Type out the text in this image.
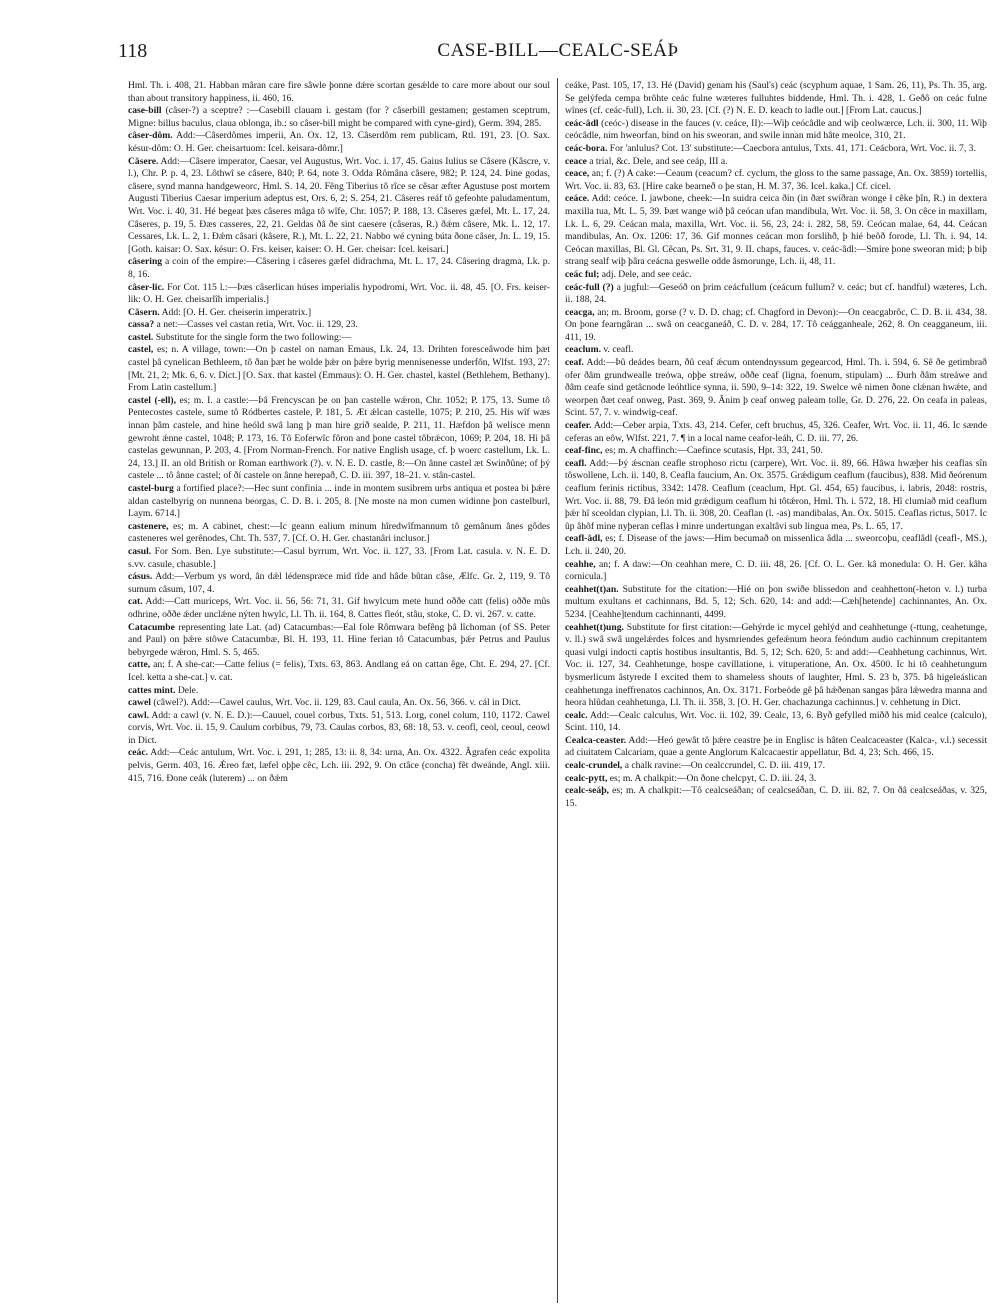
118	CASE-BILL—CEALC-SEÁÞ

Hml. Th. i. 408, 21. Habban mâran care fire sâwle þonne dǽre scortan gesǽlde to care more about our soul than about transitory happiness, ii. 460, 16.

case-bill (câser-?) a sceptre? :—Casebill clauam i. gestam (for ? câserbill gestamen; gestamen sceptrum, Migne: billus baculus, claua oblonga, ib.: so câser-bill might be compared with cyne-gird), Germ. 394, 285.

câser-dôm. Add:—Câserdômes imperii, An. Ox. 12, 13. Câserdôm rem publicam, Rtl. 191, 23. [O. Sax. késur-dôm: O. H. Ger. cheisartuom: Icel. keisara-dômr.]

Câsere. Add:—Câsere imperator, Caesar, vel Augustus, Wrt. Voc. i. 17, 45. Gaius Iulius se Câsere (Kâscre, v. l.), Chr. P. p. 4, 23. Lôthwî se câsere, 840; P. 64, note 3. Odda Rômâna câsere, 982; P. 124, 24. Þine godas, câsere, synd manna handgeweorc, Hml. S. 14, 20. Fêng Tiberius tô rîce se cêsar æfter Agustuse post mortem Augusti Tiberius Caesar imperium adeptus est, Ors. 6, 2; S. 254, 21. Câseres reáf tô gefeohte paludamentum, Wrt. Voc. i. 40, 31. Hé begeat þæs câseres mâga tô wîfe, Chr. 1057; P. 188, 13. Câseres gæfel, Mt. L. 17, 24. Câseres, p. 19, 5. Ðæs casseres, 22, 21. Geldas ðâ ðe sint caesere (câseras, R.) ðǽm câsere, Mk. L. 12, 17. Cessares, Lk. L. 2, 1. Ðǽm câsari (kâsere, R.), Mt. L. 22, 21. Nabbo wé cyning búta ðone câser, Jn. L. 19, 15. [Goth. kaisar: O. Sax. késur: O. Frs. keiser, kaiser: O. H. Ger. cheisar: Icel. keisari.]

câsering a coin of the empire:—Câsering i câseres gæfel didrachma, Mt. L. 17, 24. Câsering dragma, Lk. p. 8, 16.

câser-lic. For Cot. 115 l.:—Þæs câserlican húses imperialis hypodromi, Wrt. Voc. ii. 48, 45. [O. Frs. keiser-lik: O. H. Ger. cheisarlîh imperialis.]

Câsern. Add: [O. H. Ger. cheiserin imperatrix.]

cassa? a net:—Casses vel castan retia, Wrt. Voc. ii. 129, 23.

castel. Substitute for the single form the two following:—

castel, es; n. A village, town:—On þ castel on naman Emaus, Lk. 24, 13. Drihten foresceâwode him þæt castel þâ cynelican Bethleem, tô ðan þæt he wolde þǽr on þǽre byrig mennisenesse underfôn, Wlfst. 193, 27: [Mt. 21, 2; Mk. 6, 6. v. Dict.] [O. Sax. that kastel (Emmaus): O. H. Ger. chastel, kastel (Bethlehem, Bethany). From Latin castellum.]

castel (-ell), es; m. I. a castle:—Þâ Frencyscan þe on þan castelle wǽron, Chr. 1052; P. 175, 13. Sume tô Pentecostes castele, sume tô Ródbertes castele, P. 181, 5. Æt ǽlcan castelle, 1075; P. 210, 25. His wîf wæs innan þâm castele, and hine heóld swâ lang þ man hire grið sealde, P. 211, 11. Hæfdon þâ welisce menn gewroht ǽnne castel, 1048; P. 173, 16. Tô Eoferwîc fôron and þone castel tôbrǽcon, 1069; P. 204, 18. Hi þâ castelas gewunnan, P. 203, 4. [From Norman-French. For native English usage, cf. þ woerc castellum, Lk. L. 24, 13.] II. an old British or Roman earthwork (?). v. N. E. D. castle, 8:—On ânne castel æt Swinðûne; of þý castele ... tô ânne castel; of ðí castele on ânne herepað, C. D. iii. 397, 18–21. v. stân-castel.

castel-burg a fortified place?:—Hec sunt confinia ... inde in montem susibrem urbs antiqua et postea bi þǽre aldan castelbyrig on nunnena beorgas, C. D. B. i. 205, 8. [Ne moste na mon cumen widinne þon castelburl, Laym. 6714.]

castenere, es; m. A cabinet, chest:—Ic geann ealium minum hîredwîfmannum tô gemânum ânes gôdes casteneres wel gerênodes, Cht. Th. 537, 7. [Cf. O. H. Ger. chastanâri inclusor.]

casul. For Som. Ben. Lye substitute:—Casul byrrum, Wrt. Voc. ii. 127, 33. [From Lat. casula. v. N. E. D. s.vv. casule, chasuble.]

cásus. Add:—Verbum ys word, ân dǽl lédenspræce mid tîde and hâde bûtan câse, Ælfc. Gr. 2, 119, 9. Tô sumum câsum, 107, 4.

cat. Add:—Catt muriceps, Wrt. Voc. ii. 56, 56: 71, 31. Gif hwylcum mete hund oððe catt (felis) oððe mûs odhrine, oððe ǽder unclǽne nýten hwylc, Ll. Th. ii. 164, 8. Cattes fleót, stâu, stoke, C. D. vi. 267. v. catte.

Catacumbe representing late Lat. (ad) Catacumbas:—Eal fole Rômwara befêng þâ lîchoman (of SS. Peter and Paul) on þǽre stôwe Catacumbæ, Bl. H. 193, 11. Hine ferian tô Catacumbas, þǽr Petrus and Paulus bebyrgede wǽron, Hml. S. 5, 465.

catte, an; f. A she-cat:—Catte felius (= felis), Txts. 63, 863. Andlang eá on cattan êge, Cht. E. 294, 27. [Cf. Icel. ketta a she-cat.] v. cat.

cattes mint. Dele.

cawel (câwel?). Add:—Cawel caulus, Wrt. Voc. ii. 129, 83. Caul caula, An. Ox. 56, 366. v. cál in Dict.

cawl. Add: a cawl (v. N. E. D.):—Cauuel, couel corbus, Txts. 51, 513. Lorg, conel colum, 110, 1172. Cawel corvis, Wrt. Voc. ii. 15, 9. Caulum corbibus, 79, 73. Caulas corbos, 83, 68: 18, 53. v. ceofl, ceol, ceoul, ceowl in Dict.

ceác. Add:—Ceác antulum, Wrt. Voc. i. 291, 1; 285, 13: ii. 8, 34: urna, An. Ox. 4322. Âgrafen ceác expolita pelvis, Germ. 403, 16. Ǽreo fæt, læfel oþþe cêc, Lch. iii. 292, 9. On ctâce (concha) fêt dweánde, Angl. xiii. 415, 716. Ðone ceák (luterem) ... on ðǽm

ceáke, Past. 105, 17, 13. Hé (David) genam his (Saul's) ceác (scyphum aquae, 1 Sam. 26, 11), Ps. Th. 35, arg. Se gelýfeda cempa brôhte ceác fulne wæteres fulluhtes biddende, Hml. Th. i. 428, 1. Geðô on ceác fulne wînes (cf. ceác-full), Lch. ii. 30, 23. [Cf. (?) N. E. D. keach to ladle out.] [From Lat. caucus.]

ceác-âdl (ceóc-) disease in the fauces (v. ceáce, II):—Wiþ ceócâdle and wiþ ceolwærce, Lch. ii. 300, 11. Wiþ ceócâdle, nim hweorfan, bind on his sweoran, and swile innan mid hâte meolce, 310, 21.

ceác-bora. For 'anlulus? Cot. 13' substitute:—Caecbora antulus, Txts. 41, 171. Ceácbora, Wrt. Voc. ii. 7, 3.

ceace a trial, &c. Dele, and see ceáp, III a.

ceace, an; f. (?) A cake:—Ceaum (ceacum? cf. cyclum, the gloss to the same passage, An. Ox. 3859) tortellis, Wrt. Voc. ii. 83, 63. [Hire cake bearneð o þe stan, H. M. 37, 36. Icel. kaka.] Cf. cicel.

ceáce. Add: ceóce. I. jawbone, cheek:—In suidra ceica ðín (in ðæt swíðran wonge ł cêke þîn, R.) in dextera maxilla tua, Mt. L. 5, 39. Þæt wange wið þâ ceócan ufan mandibula, Wrt. Voc. ii. 58, 3. On cêce in maxillam, Lk. L. 6, 29. Ceácan mala, maxilla, Wrt. Voc. ii. 56, 23, 24: i. 282, 58, 59. Ceócan malae, 64, 44. Ceácan mandibulas, An. Ox. 1206: 17, 36. Gif monnes ceácan mon forslihð, þ hié beôð forode, Ll. Th. i. 94, 14. Ceócan maxillas, Bl. Gl. Cêcan, Ps. Srt. 31, 9. II. chaps, fauces. v. ceác-âdl:—Smire þone sweoran mid; þ biþ strang sealf wiþ þâra ceácna geswelle odde âsmorunge, Lch. ii, 48, 11.

ceác ful; adj. Dele, and see ceác.

ceác-full (?) a jugful:—Geseóð on þrim ceácfullum (ceácum fullum? v. ceác; but cf. handful) wæteres, Lch. ii. 188, 24.

ceacga, an; m. Broom, gorse (? v. D. D. chag; cf. Chagford in Devon):—On ceacgabrôc, C. D. B. ii. 434, 38. On þone fearngâran ... swâ on ceacganeáð, C. D. v. 284, 17. Tô ceágganheale, 262, 8. On ceagganeum, iii. 411, 19.

ceaclum. v. ceafl.

ceaf. Add:—Þû deádes bearn, ðû ceaf ǽcum ontendnyssum gegearcod, Hml. Th. i. 594, 6. Sê ðe getimbrað ofer ðâm grundwealle treówa, oþþe streáw, oððe ceaf (ligna, foenum, stipulam) ... Ðurh ðâm streáwe and ðâm ceafe sind getâcnode leóhtlice synna, ii. 590, 9–14: 322, 19. Swelce wê nimen ðone clǽnan hwǽte, and weorpen ðæt ceaf onweg, Past. 369, 9. Ânim þ ceaf onweg paleam tolle, Gr. D. 276, 22. On ceafa in paleas, Scint. 57, 7. v. windwig-ceaf.

ceafer. Add:—Ceber arpia, Txts. 43, 214. Cefer, ceft bruchus, 45, 326. Ceafer, Wrt. Voc. ii. 11, 46. Ic sænde ceferas an eôw, Wlfst. 221, 7. ¶ in a local name ceafor-leáh, C. D. iii. 77, 26.

ceaf-finc, es; m. A chaffinch:—Caefince scutasis, Hpt. 33, 241, 50.

ceafl. Add:—Þý ǽscnan ceafle strophoso rictu (carpere), Wrt. Voc. ii. 89, 66. Hâwa hwæþer his ceaflas sîn tôswollene, Lch. ii. 140, 8. Ceafla faucium, An. Ox. 3575. Grǽdigum ceaflum (faucibus), 838. Mid ðeórenum ceaflum ferinis rictibus, 3342: 1478. Ceaflum (ceaclum, Hpt. Gl. 454, 65) faucibus, i. labris, 2048: rostris, Wrt. Voc. ii. 88, 79. Ðâ león mid grǽdigum ceaflum hi tôtǽron, Hml. Th. i. 572, 18. Hî clumiað mid ceaflum þǽr hî sceoldan clypian, Ll. Th. ii. 308, 20. Ceaflan (l. -as) mandibalas, An. Ox. 5015. Ceaflas rictus, 5017. Ic ûp âhôf mine nyþeran ceflas ł minre undertungan exaltâvi sub lingua mea, Ps. L. 65, 17.

ceafl-âdl, es; f. Disease of the jaws:—Him becumað on missenlica âdla ... sweorcoþu, ceaflâdl (ceafl-, MS.), Lch. ii. 240, 20.

ceahhe, an; f. A daw:—On ceahhan mere, C. D. iii. 48, 26. [Cf. O. L. Ger. kâ monedula: O. H. Ger. kâha cornicula.]

ceahhet(t)an. Substitute for the citation:—Hié on þon swiðe blissedon and ceahhetton(-heton v. l.) turba multum exultans et cachinnans, Bd. 5, 12; Sch. 620, 14: and add:—Cæh[hetende] cachinnantes, An. Ox. 5234. [Ceahhe]tendum cachinnanti, 4499.

ceahhet(t)ung. Substitute for first citation:—Gehýrde ic mycel gehlýd and ceahhetunge (-ttung, ceahetunge, v. ll.) swâ swâ ungelǽrdes folces and hysmriendes gefeǽnum heora feóndum audio cachinnum crepitantem quasi vulgi indocti captis hostibus insultantis, Bd. 5, 12; Sch. 620, 5: and add:—Ceahhetung cachinnus, Wrt. Voc. ii. 127, 34. Ceahhetunge, hospe cavillatione, i. vituperatione, An. Ox. 4500. Ic hi tô ceahhetungum bysmerlicum âstyrede I excited them to shameless shouts of laughter, Hml. S. 23 b, 375. Þâ higeleáslican ceahhetunga ineffrenatos cachinnos, An. Ox. 3171. Forbeóde gê þâ hǽðenan sangas þâra lǽwedra manna and heora hlûdan ceahhetunga, Ll. Th. ii. 358, 3. [O. H. Ger. chachazunga cachinnus.] v. cehhetung in Dict.

cealc. Add:—Cealc calculus, Wrt. Voc. ii. 102, 39. Cealc, 13, 6. Byð gefylled miðð his mid cealce (calculo), Scint. 110, 14.

Cealca-ceaster. Add:—Heó gewât tô þǽre ceastre þe in Englisc is hâten Cealcaceaster (Kalca-, v.l.) secessit ad ciuitatem Calcariam, quae a gente Anglorum Kalcacaestir appellatur, Bd. 4, 23; Sch. 466, 15.

cealc-crundel, a chalk ravine:—On cealccrundel, C. D. iii. 419, 17.

cealc-pytt, es; m. A chalkpit:—On ðone chelcpyt, C. D. iii. 24, 3.

cealc-seáþ, es; m. A chalkpit:—Tô cealcseáðan; of cealcseáðan, C. D. iii. 82, 7. On ðâ cealcseáðas, v. 325, 15.
